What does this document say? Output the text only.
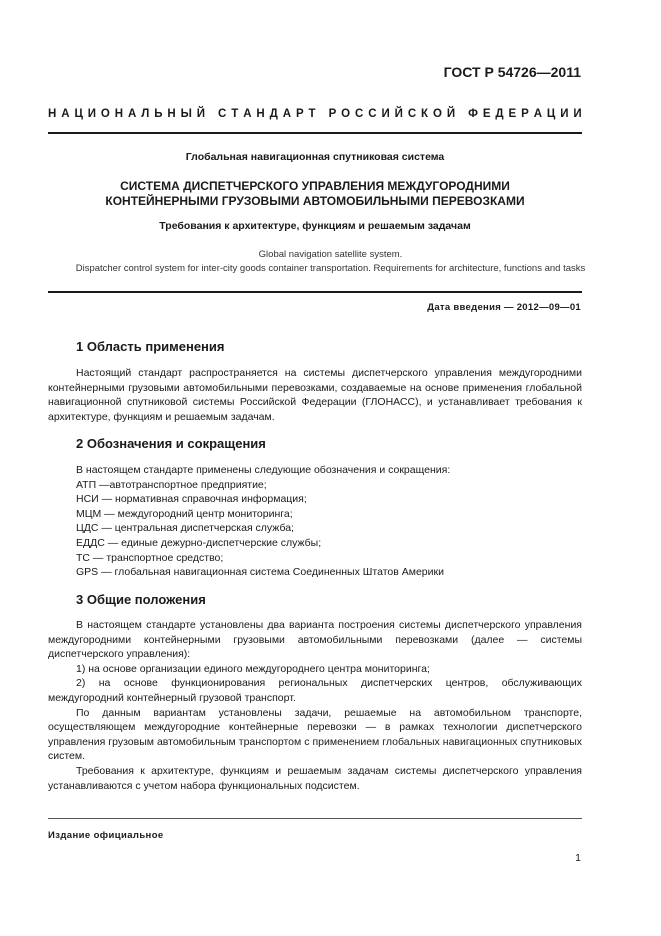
ГОСТ Р 54726—2011
Н А Ц И О Н А Л Ь Н Ы Й
С Т А Н Д А Р Т
Р О С С И Й С К О Й
Ф Е Д Е Р А Ц И И
Глобальная навигационная спутниковая система
СИСТЕМА ДИСПЕТЧЕРСКОГО УПРАВЛЕНИЯ МЕЖДУГОРОДНИМИ
КОНТЕЙНЕРНЫМИ ГРУЗОВЫМИ АВТОМОБИЛЬНЫМИ ПЕРЕВОЗКАМИ
Требования к архитектуре, функциям и решаемым задачам
Global navigation satellite system.
Dispatcher control system for inter-city goods container transportation. Requirements for architecture, functions and tasks
Дата введения — 2012—09—01
1 Область применения

Настоящий стандарт распространяется на системы диспетчерского управления междугородними контейнерными грузовыми автомобильными перевозками, создаваемые на основе применения глобальной навигационной спутниковой системы Российской Федерации (ГЛОНАСС), и устанавливает требования к архитектуре, функциям и решаемым задачам.

2 Обозначения и сокращения
В настоящем стандарте применены следующие обозначения и сокращения:
АТП —автотранспортное предприятие;
НСИ — нормативная справочная информация;
МЦМ — междугородний центр мониторинга;
ЦДС — центральная диспетчерская служба;
ЕДДС — единые дежурно-диспетчерские службы;
ТС — транспортное средство;
GPS — глобальная навигационная система Соединенных Штатов Америки
3 Общие положения

В настоящем стандарте установлены два варианта построения системы диспетчерского управления междугородними контейнерными грузовыми автомобильными перевозками (далее — системы диспетчерского управления):

1) на основе организации единого междугороднего центра мониторинга;

2) на основе функционирования региональных диспетчерских центров, обслуживающих междугородний контейнерный грузовой транспорт.

По данным вариантам установлены задачи, решаемые на автомобильном транспорте, осуществляющем междугородние контейнерные перевозки — в рамках технологии диспетчерского управления грузовым автомобильным транспортом с применением глобальных навигационных спутниковых систем.

Требования к архитектуре, функциям и решаемым задачам системы диспетчерского управления устанавливаются с учетом набора функциональных подсистем.

Издание официальное
1
